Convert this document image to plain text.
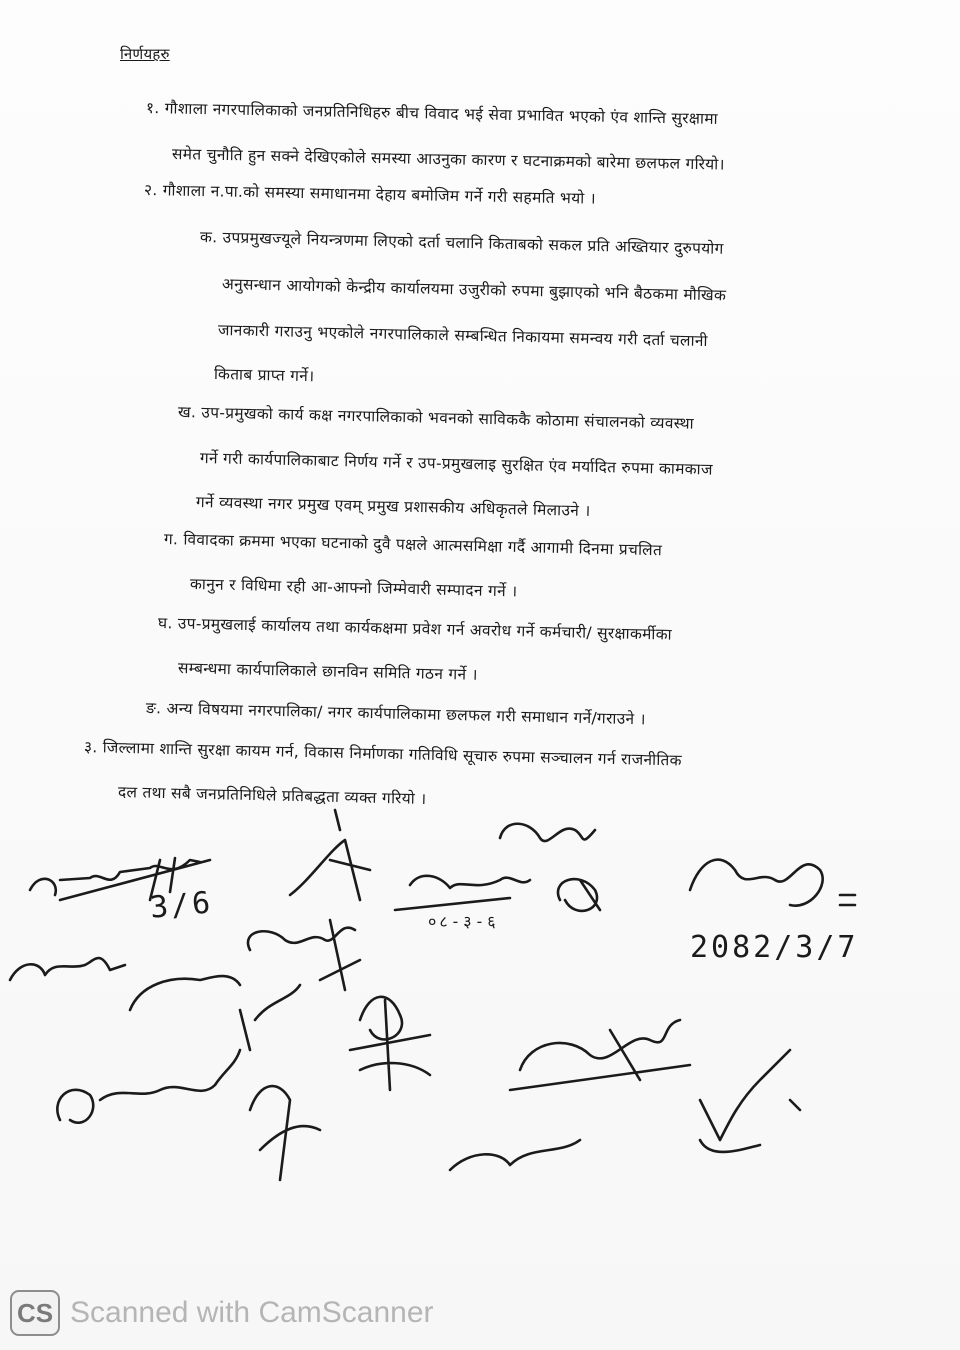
निर्णयहरु
१. गौशाला नगरपालिकाको जनप्रतिनिधिहरु बीच विवाद भई सेवा प्रभावित भएको एंव शान्ति सुरक्षामा
समेत चुनौति हुन सक्ने देखिएकोले समस्या आउनुका कारण र घटनाक्रमको बारेमा छलफल गरियो।
२. गौशाला न.पा.को समस्या समाधानमा देहाय बमोजिम गर्ने गरी सहमति भयो ।
क. उपप्रमुखज्यूले नियन्त्रणमा लिएको दर्ता चलानि किताबको सकल प्रति अख्तियार दुरुपयोग
अनुसन्धान आयोगको केन्द्रीय कार्यालयमा उजुरीको रुपमा बुझाएको भनि बैठकमा मौखिक
जानकारी गराउनु भएकोले नगरपालिकाले सम्बन्धित निकायमा समन्वय गरी दर्ता चलानी
किताब प्राप्त गर्ने।
ख. उप-प्रमुखको कार्य कक्ष नगरपालिकाको भवनको साविककै कोठामा संचालनको व्यवस्था
गर्ने गरी कार्यपालिकाबाट निर्णय गर्ने र उप-प्रमुखलाइ सुरक्षित एंव मर्यादित रुपमा कामकाज
गर्ने व्यवस्था नगर प्रमुख एवम् प्रमुख प्रशासकीय अधिकृतले मिलाउने ।
ग. विवादका क्रममा भएका घटनाको दुवै पक्षले आत्मसमिक्षा गर्दै आगामी दिनमा प्रचलित
कानुन र विधिमा रही आ-आफ्नो जिम्मेवारी सम्पादन गर्ने ।
घ. उप-प्रमुखलाई कार्यालय तथा कार्यकक्षमा प्रवेश गर्न अवरोध गर्ने कर्मचारी/ सुरक्षाकर्मीका
सम्बन्धमा कार्यपालिकाले छानविन समिति गठन गर्ने ।
ङ. अन्य विषयमा नगरपालिका/ नगर कार्यपालिकामा छलफल गरी समाधान गर्ने/गराउने ।
३. जिल्लामा शान्ति सुरक्षा कायम गर्न, विकास निर्माणका गतिविधि सूचारु रुपमा सञ्चालन गर्न राजनीतिक
दल तथा सबै जनप्रतिनिधिले प्रतिबद्धता व्यक्त गरियो ।
3/6
2082/3/7
०८-३-६
CS Scanned with CamScanner
